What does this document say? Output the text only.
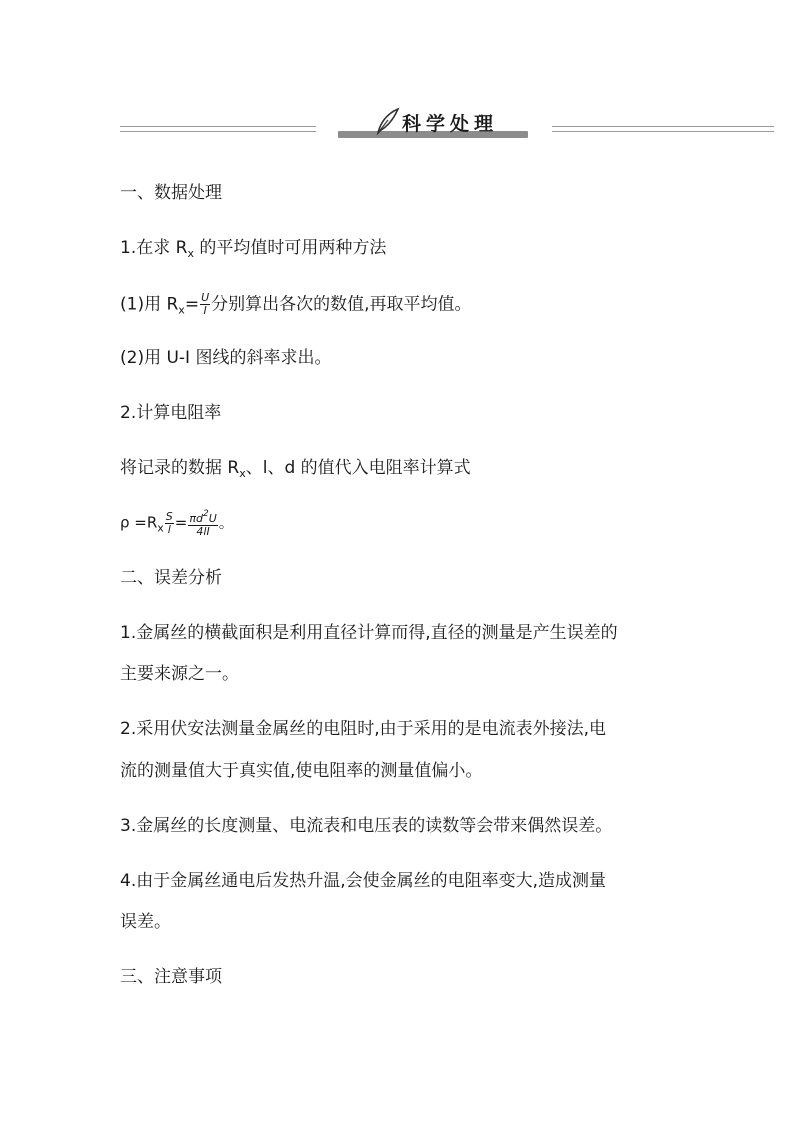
科学处理
一、数据处理
1.在求 $R_x$ 的平均值时可用两种方法
(1)用 $R_x= \frac{U}{I}$ 分别算出各次的数值,再取平均值。
(2)用 U-I 图线的斜率求出。
2.计算电阻率
将记录的数据 $R_x$、l、d 的值代入电阻率计算式
$\rho =R_x \frac{S}{l} = \frac{\pi d^2U}{4lI}$ 。
二、误差分析
1.金属丝的横截面积是利用直径计算而得,直径的测量是产生误差的
主要来源之一。
2.采用伏安法测量金属丝的电阻时,由于采用的是电流表外接法,电
流的测量值大于真实值,使电阻率的测量值偏小。
3.金属丝的长度测量、电流表和电压表的读数等会带来偶然误差。
4.由于金属丝通电后发热升温,会使金属丝的电阻率变大,造成测量
误差。
三、注意事项
